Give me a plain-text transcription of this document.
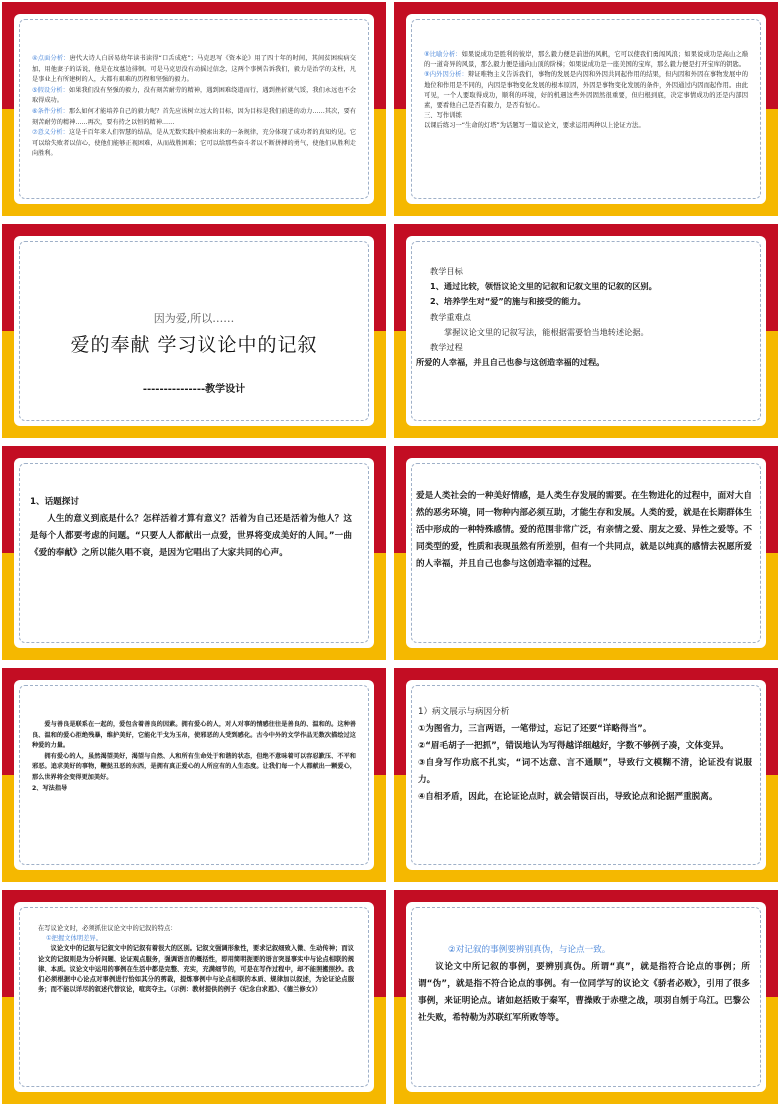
④点面分析：唐代大诗人白居易幼年读书读得“口舌成疮”；马克思写《资本论》用了四十年的时间，其间贫困疾病交加，用他妻子的话说，他是在坟墓边徘徊。可是马克思没有动摇过信念，这两个事例告诉我们，毅力是治学的支柱，凡是事业上有所建树的人，大都有艰难的历程和坚强的毅力。

⑤假设分析：如果我们没有坚强的毅力，没有刻苦耐劳的精神，遇到困难绕道而行，遇到挫折就气馁，我们永远也不会取得成功。

⑥条件分析：那么如何才能培养自己的毅力呢？首先应该树立远大的目标，因为目标是我们前进的动力……其次，要有刻苦耐劳的精神……再次，要有持之以恒的精神……

⑦意义分析：这是千百年来人们智慧的结晶，是从无数实践中摸索出来的一条规律，充分体现了成功者的真知灼见。它可以给失败者以信心，使他们能够正视困难，从而战胜困难；它可以给那些奋斗者以不断拼搏的勇气，使他们从胜利走向胜利。

⑧比喻分析：如果说成功是胜利的彼岸，那么毅力便是前进的风帆，它可以使我们勇闯风浪；如果说成功是高山之巅的一道奇异的风景，那么毅力便是通向山顶的阶梯；如果说成功是一座美国的宝库，那么毅力便是打开宝库的钥匙。

⑨内外因分析：辩证唯物主义告诉我们，事物的发展是内因和外因共同起作用的结果，但内因和外因在事物发展中的地位和作用是不同的，内因是事物变化发展的根本原因，外因是事物变化发展的条件，外因通过内因而起作用。由此可见，一个人要取得成功，顺利的环境，好的机遇这些外因固然很重要，但归根到底，决定事情成功的还是内部因素，要看他自己是否有毅力，是否有恒心。

三、写作训练

以课后练习一“生命的灯塔”为话题写一篇议论文，要求运用两种以上论证方法。

因为爱,所以……
爱的奉献 学习议论中的记叙
---------------教学设计

教学目标

1、通过比较，领悟议论文里的记叙和记叙文里的记叙的区别。

2、培养学生对“爱”的施与和接受的能力。

教学重难点

掌握议论文里的记叙写法，能根据需要恰当地转述论据。

教学过程

所爱的人幸福，并且自己也参与这创造幸福的过程。

1、话题探讨

人生的意义到底是什么？怎样活着才算有意义？活着为自己还是活着为他人？这是每个人都要考虑的问题。“只要人人都献出一点爱，世界将变成美好的人间。”一曲《爱的奉献》之所以能久唱不衰，是因为它唱出了大家共同的心声。

爱是人类社会的一种美好情感，是人类生存发展的需要。在生物进化的过程中，面对大自然的恶劣环境，同一物种内部必须互助，才能生存和发展。人类的爱，就是在长期群体生活中形成的一种特殊感情。爱的范围非常广泛，有亲情之爱、朋友之爱、异性之爱等。不同类型的爱，性质和表现虽然有所差别，但有一个共同点，就是以纯真的感情去祝愿所爱的人幸福，并且自己也参与这创造幸福的过程。

爱与善良是联系在一起的，爱包含着善良的因素。拥有爱心的人，对人对事的情感往往是善良的、温和的。这种善良、温和的爱心拒绝残暴，维护美好，它能化干戈为玉帛，使邪恶的人受到感化。古今中外的文学作品无数次描绘过这种爱的力量。

拥有爱心的人，虽然渴望美好，渴望与自然、人和所有生命处于和谐的状态，但绝不意味着可以容忍歉压、不平和邪恶。追求美好的事物，鞭挞丑恶的东西，是拥有真正爱心的人所应有的人生态度。让我们每一个人都献出一颗爱心，那么世界将会变得更加美好。

2、写法指导

1）病文展示与病因分析

①为图省力，三言两语，一笔带过，忘记了还要“详略得当”。

②“眉毛胡子一把抓”，错误地认为写得越详细越好，字数不够例子凑，文体变异。

③自身写作功底不扎实，“词不达意、言不通顺”，导致行文模糊不清，论证没有说服力。

④自相矛盾，因此，在论证论点时，就会错误百出，导致论点和论据严重脱离。

在写议论文时，必须抓住议论文中的记叙的特点：

①把握文体明差异。

议论文中的记叙与记叙文中的记叙有着很大的区别。记叙文强调形象性，要求记叙细致入微、生动传神；而议论文的记叙则是为分析问题、论证观点服务，强调语言的概括性，即用简明扼要的语言突显事实中与论点相联的规律、本质。议论文中运用的事例在生活中都是完整、充实，充满细节的，可是在写作过程中，却不能照搬照抄。我们必须根据中心论点对事例进行恰如其分的剪裁，提炼事例中与论点相联的本质、规律加以叙述，为论证论点服务；而不能以详尽的叙述代替议论，喧宾夺主。（示例：教材提供的例子《纪念白求恩》、《德兰修女》）

②对记叙的事例要辨别真伪，与论点一致。

议论文中所记叙的事例，要辨别真伪。所谓“真”，就是指符合论点的事例；所谓“伪”，就是指不符合论点的事例。有一位同学写的议论文《骄者必败》，引用了很多事例，来证明论点。诸如赵括败于秦军，曹操败于赤壁之战，项羽自刎于乌江。巴黎公社失败，希特勒为苏联红军所败等等。
